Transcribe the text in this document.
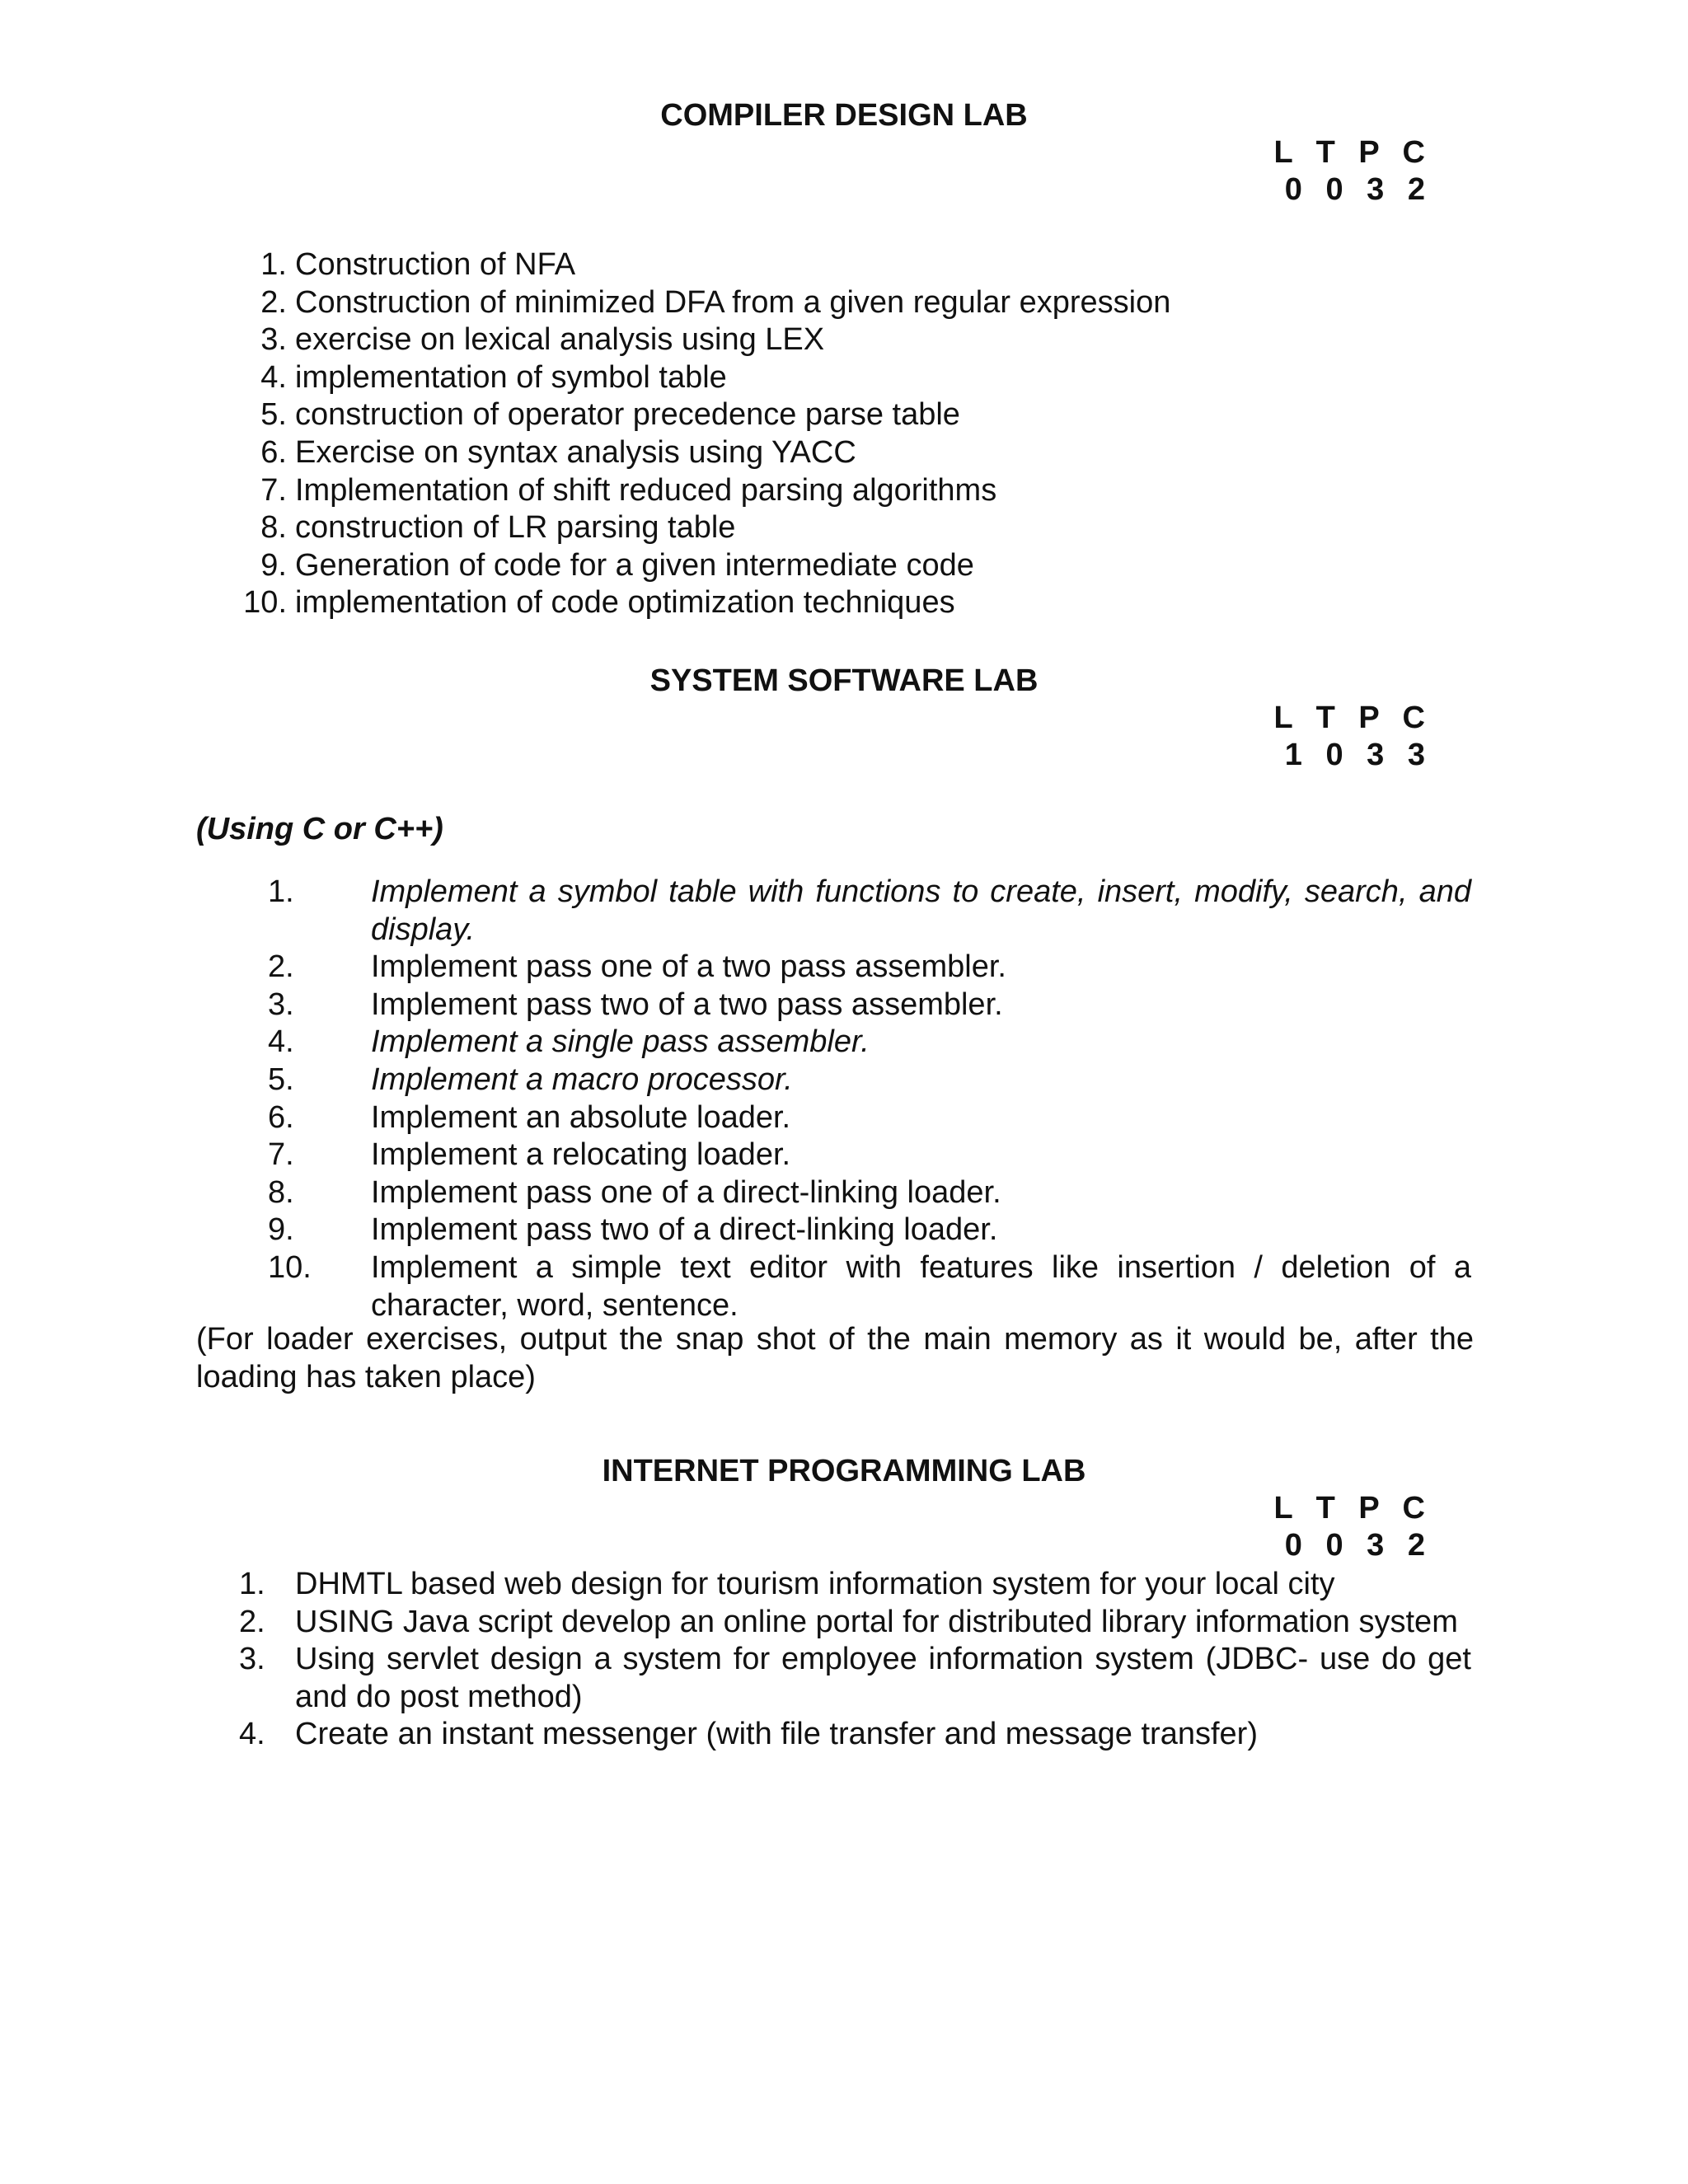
COMPILER DESIGN LAB
L T P C
0 0 3 2
1. Construction of NFA
2. Construction of minimized DFA from a given regular expression
3. exercise on lexical analysis using LEX
4. implementation of symbol table
5. construction of operator precedence parse table
6. Exercise on syntax analysis using YACC
7. Implementation of shift reduced parsing algorithms
8. construction of LR parsing table
9. Generation of code for a given intermediate code
10. implementation of code optimization techniques
SYSTEM SOFTWARE LAB
L T P C
1 0 3 3
(Using C or C++)
1.	Implement a symbol table with functions to create, insert, modify, search, and display.
2.	Implement pass one of a two pass assembler.
3.	Implement pass two of a two pass assembler.
4.	Implement a single pass assembler.
5.	Implement a macro processor.
6.	Implement an absolute loader.
7.	Implement a relocating loader.
8.	Implement pass one of a direct-linking loader.
9.	Implement pass two of a direct-linking loader.
10.	Implement a simple text editor with features like insertion / deletion of a character, word, sentence.
(For loader exercises, output the snap shot of the main memory as it would be, after the loading has taken place)
INTERNET PROGRAMMING LAB
L T P C
0 0 3 2
1. DHMTL based web design for tourism information system for your local city
2. USING Java script develop an online portal for distributed library information system
3. Using servlet design a system for employee information system (JDBC- use do get and do post method)
4. Create an instant messenger (with file transfer and message transfer)
